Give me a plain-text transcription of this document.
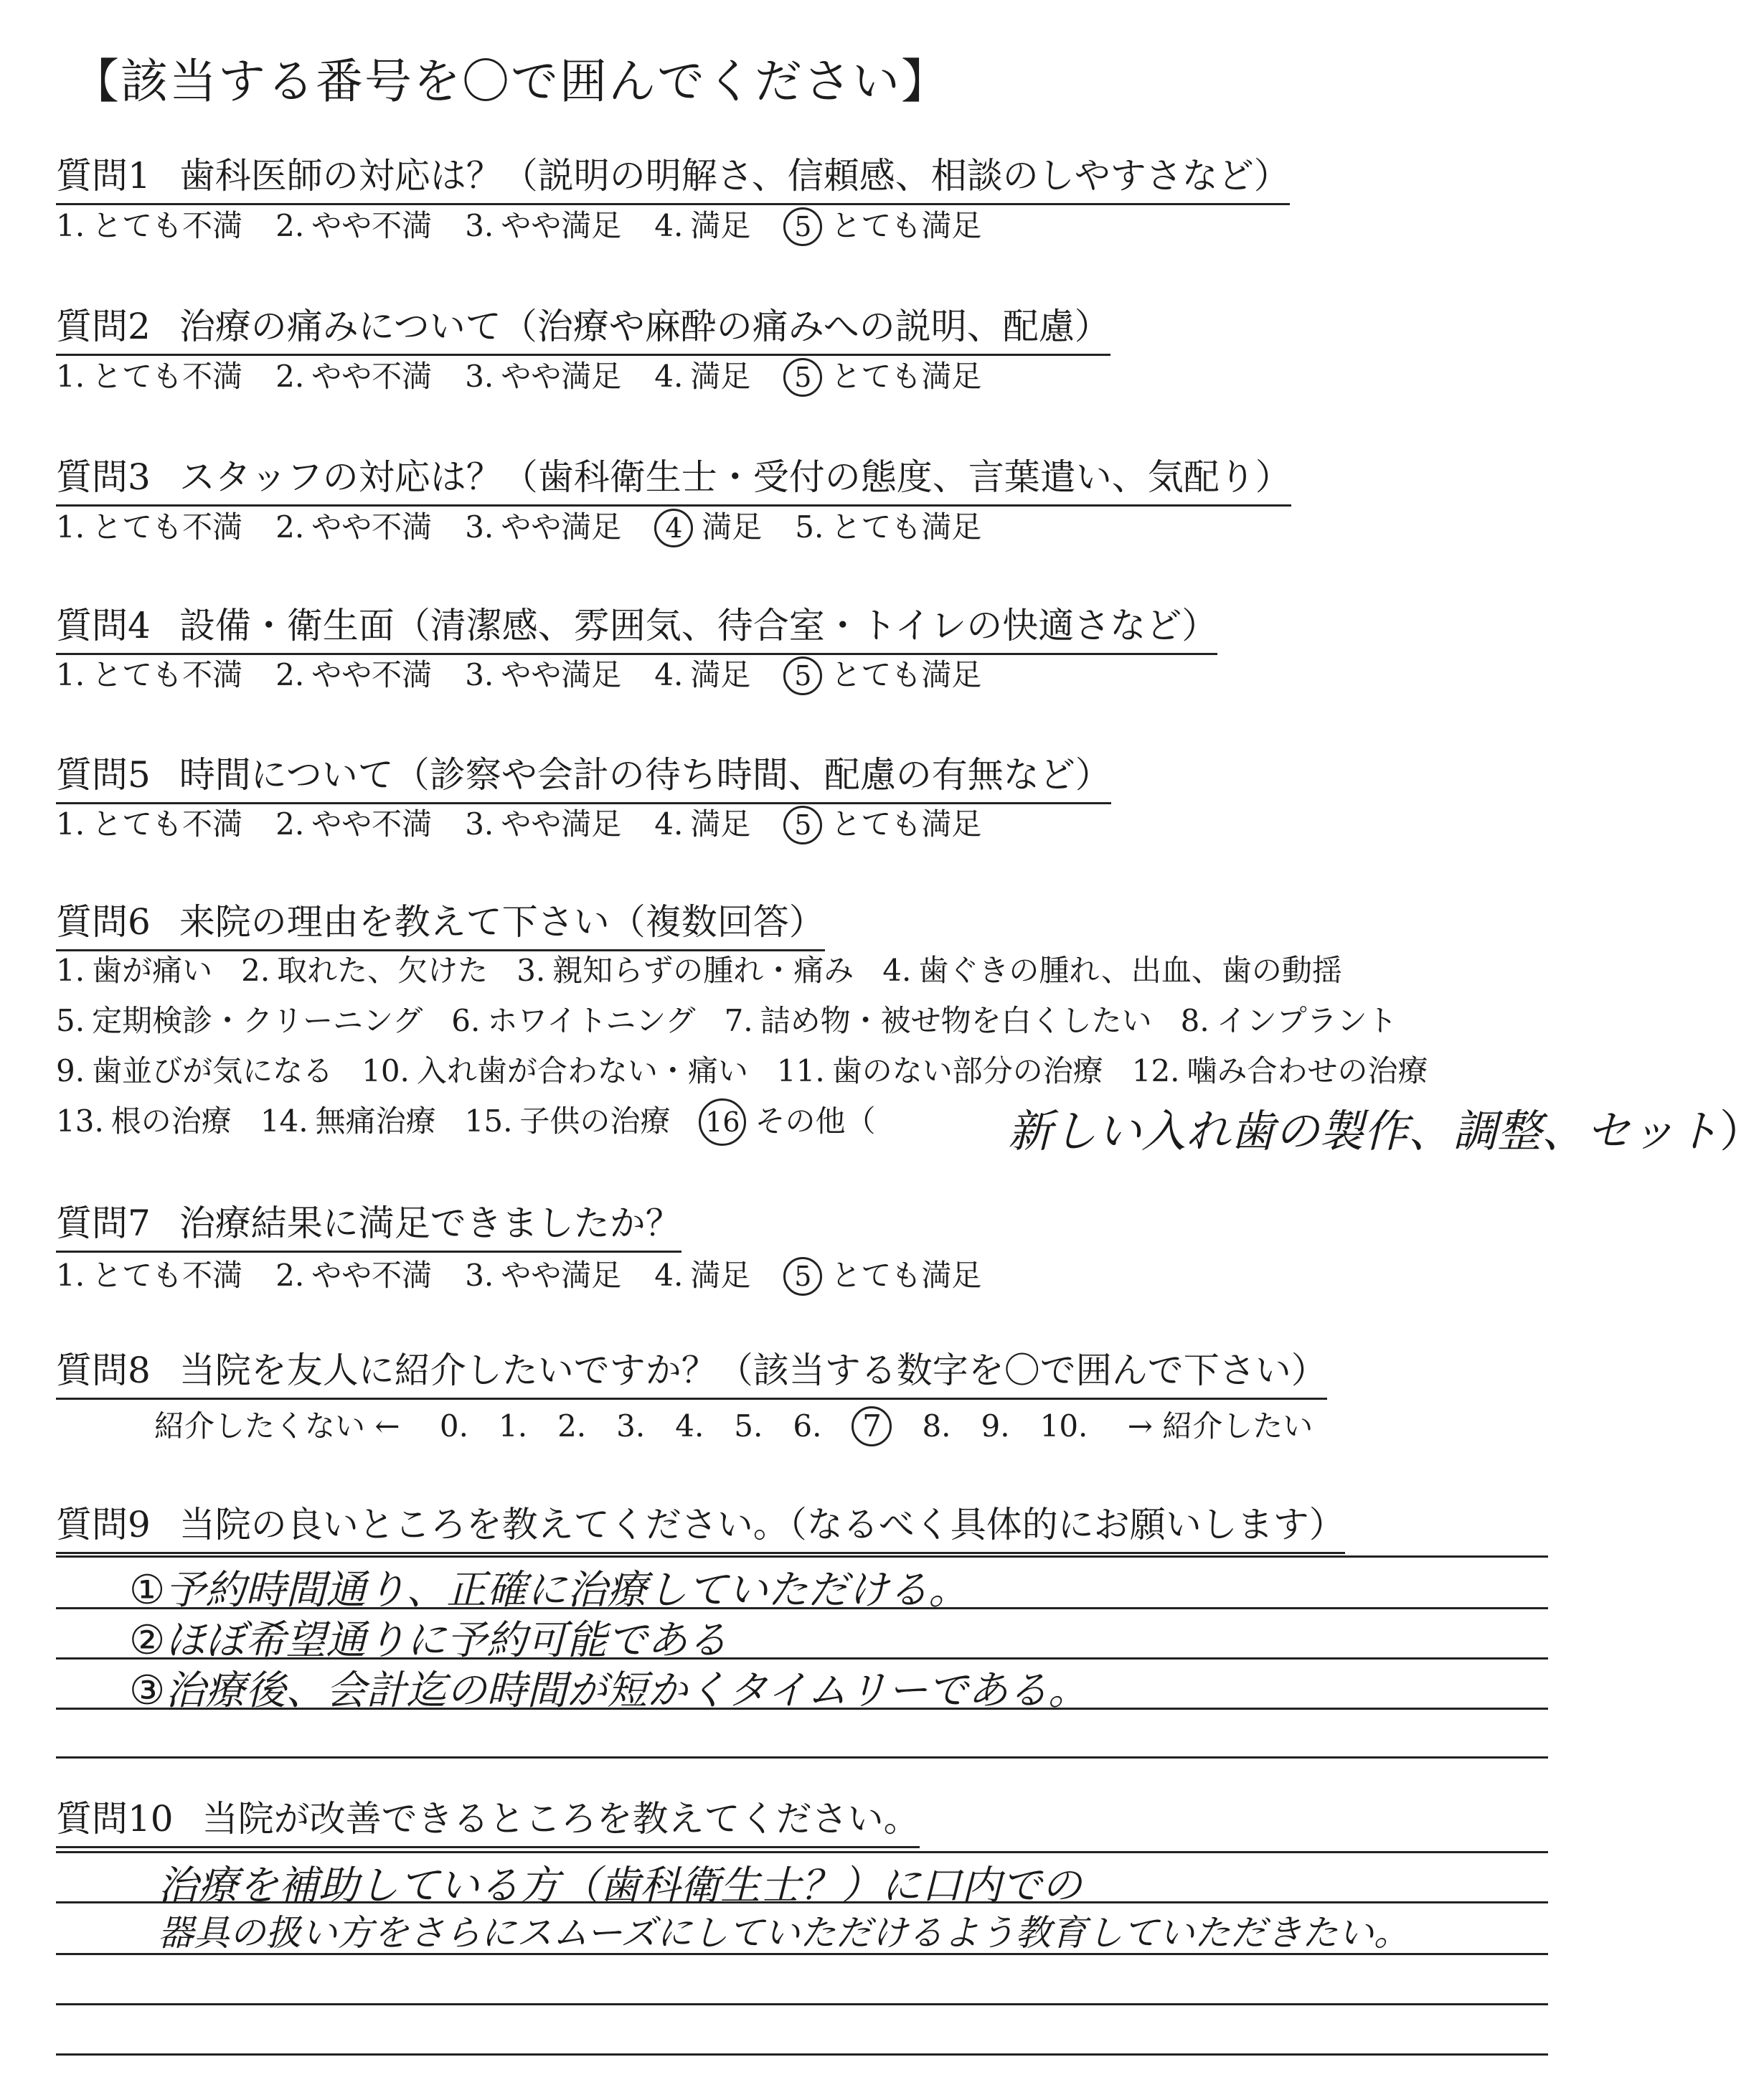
【該当する番号を〇で囲んでください】
質問1 歯科医師の対応は？（説明の明解さ、信頼感、相談のしやすさなど）
1. とても不満 2. やや不満 3. やや満足 4. 満足 5 とても満足
質問2 治療の痛みについて（治療や麻酔の痛みへの説明、配慮）
1. とても不満 2. やや不満 3. やや満足 4. 満足 5 とても満足
質問3 スタッフの対応は？（歯科衛生士・受付の態度、言葉遣い、気配り）
1. とても不満 2. やや不満 3. やや満足 4 満足 5. とても満足
質問4 設備・衛生面（清潔感、雰囲気、待合室・トイレの快適さなど）
1. とても不満 2. やや不満 3. やや満足 4. 満足 5 とても満足
質問5 時間について（診察や会計の待ち時間、配慮の有無など）
1. とても不満 2. やや不満 3. やや満足 4. 満足 5 とても満足
質問6 来院の理由を教えて下さい（複数回答）
質問7 治療結果に満足できましたか？
1. とても不満 2. やや不満 3. やや満足 4. 満足 5 とても満足
質問8 当院を友人に紹介したいですか？（該当する数字を〇で囲んで下さい）
質問9 当院の良いところを教えてください。（なるべく具体的にお願いします）
質問10 当院が改善できるところを教えてください。
1. 歯が痛い 2. 取れた、欠けた 3. 親知らずの腫れ・痛み 4. 歯ぐきの腫れ、出血、歯の動揺
5. 定期検診・クリーニング 6. ホワイトニング 7. 詰め物・被せ物を白くしたい 8. インプラント
9. 歯並びが気になる 10. 入れ歯が合わない・痛い 11. 歯のない部分の治療 12. 噛み合わせの治療
13. 根の治療 14. 無痛治療 15. 子供の治療 16 その他（	新しい入れ歯の製作、調整、セット）
紹介したくない ← 0. 1. 2. 3. 4. 5. 6. 7 8. 9. 10. → 紹介したい
①予約時間通り、正確に治療していただける。
②ほぼ希望通りに予約可能である
③治療後、会計迄の時間が短かくタイムリーである。
治療を補助している方（歯科衛生士？）に口内での
器具の扱い方をさらにスムーズにしていただけるよう教育していただきたい。
